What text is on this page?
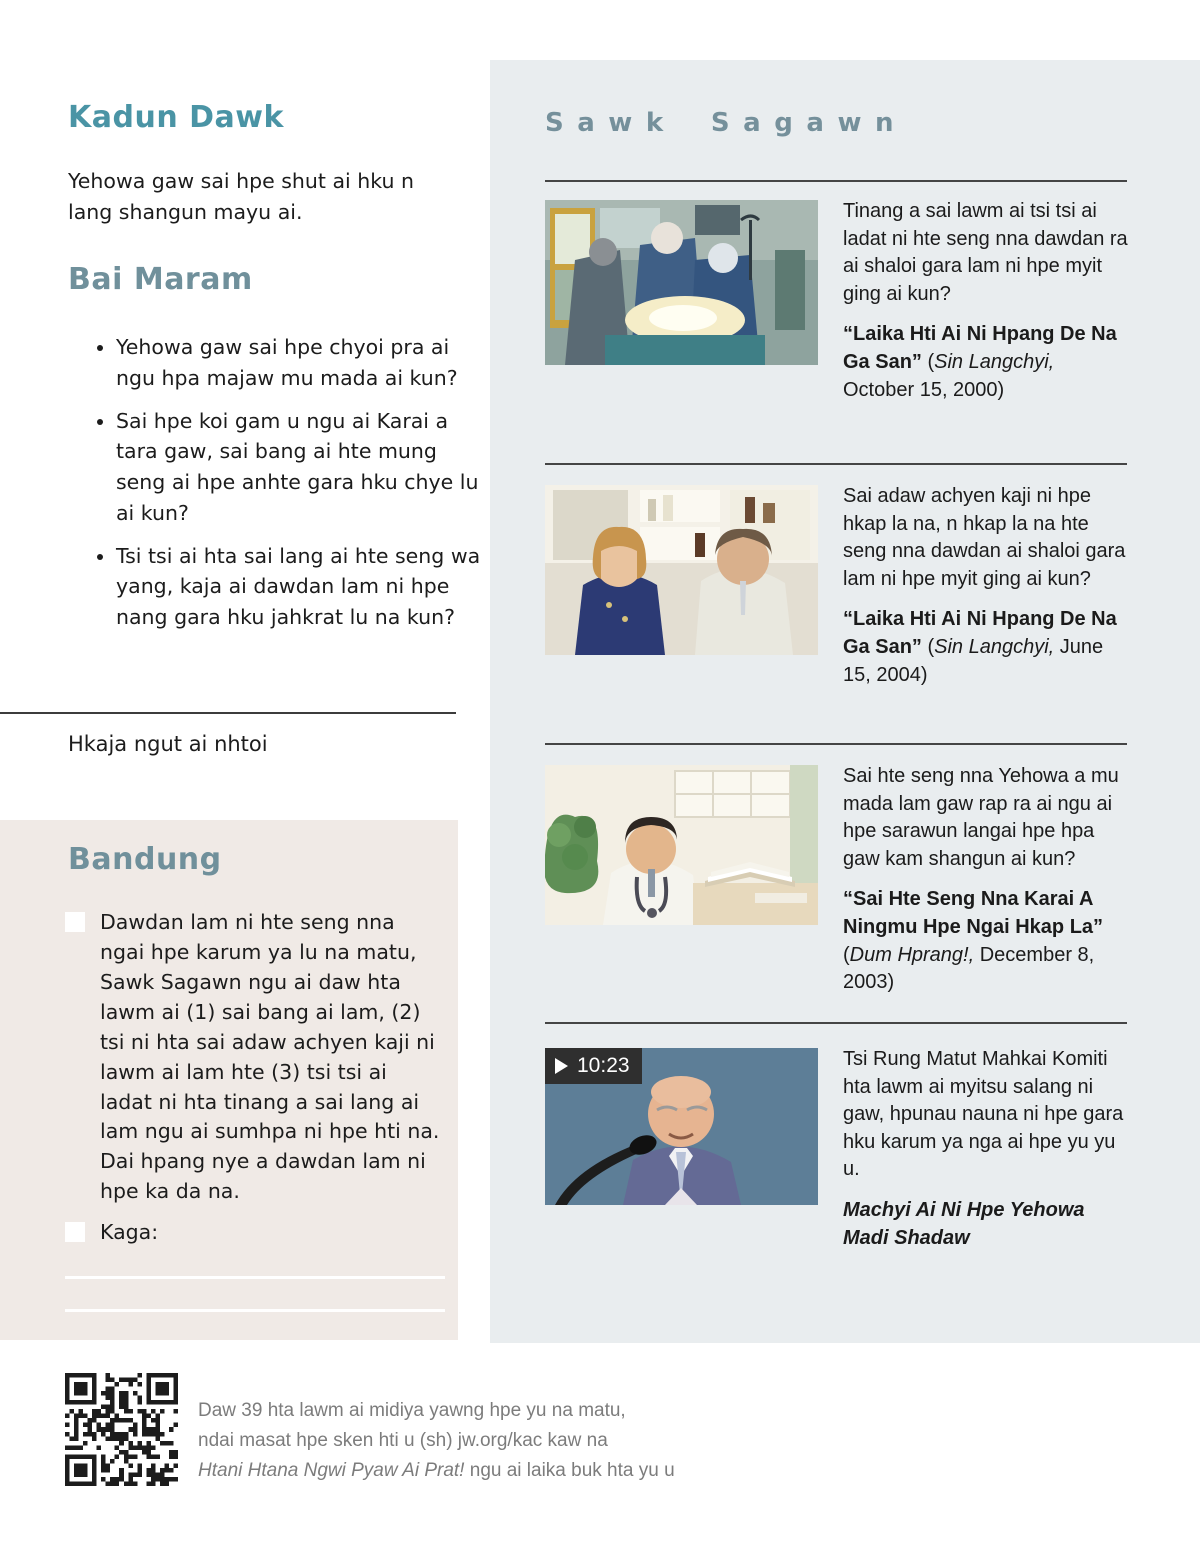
Kadun Dawk
Yehowa gaw sai hpe shut ai hku n lang shangun mayu ai.
Bai Maram
• Yehowa gaw sai hpe chyoi pra ai ngu hpa majaw mu mada ai kun?
• Sai hpe koi gam u ngu ai Karai a tara gaw, sai bang ai hte mung seng ai hpe anhte gara hku chye lu ai kun?
• Tsi tsi ai hta sai lang ai hte seng wa yang, kaja ai dawdan lam ni hpe nang gara hku jahkrat lu na kun?
Hkaja ngut ai nhtoi
Bandung
Dawdan lam ni hte seng nna ngai hpe karum ya lu na matu, Sawk Sagawn ngu ai daw hta lawm ai (1) sai bang ai lam, (2) tsi ni hta sai adaw achyen kaji ni lawm ai lam hte (3) tsi tsi ai ladat ni hta tinang a sai lang ai lam ngu ai sumhpa ni hpe hti na. Dai hpang nye a dawdan lam ni hpe ka da na.
Kaga:
Daw 39 hta lawm ai midiya yawng hpe yu na matu,
ndai masat hpe sken hti u (sh) jw.org/kac kaw na
Htani Htana Ngwi Pyaw Ai Prat! ngu ai laika buk hta yu u
Sawk Sagawn
Tinang a sai lawm ai tsi tsi ai ladat ni hte seng nna dawdan ra ai shaloi gara lam ni hpe myit ging ai kun?
“Laika Hti Ai Ni Hpang De Na Ga San” (Sin Langchyi, October 15, 2000)
Sai adaw achyen kaji ni hpe hkap la na, n hkap la na hte seng nna dawdan ai shaloi gara lam ni hpe myit ging ai kun?
“Laika Hti Ai Ni Hpang De Na Ga San” (Sin Langchyi, June 15, 2004)
Sai hte seng nna Yehowa a mu mada lam gaw rap ra ai ngu ai hpe sarawun langai hpe hpa gaw kam shangun ai kun?
“Sai Hte Seng Nna Karai A Ningmu Hpe Ngai Hkap La” (Dum Hprang!, December 8, 2003)
10:23	Tsi Rung Matut Mahkai Komiti hta lawm ai myitsu salang ni gaw, hpunau nauna ni hpe gara hku karum ya nga ai hpe yu yu u.
Machyi Ai Ni Hpe Yehowa Madi Shadaw
